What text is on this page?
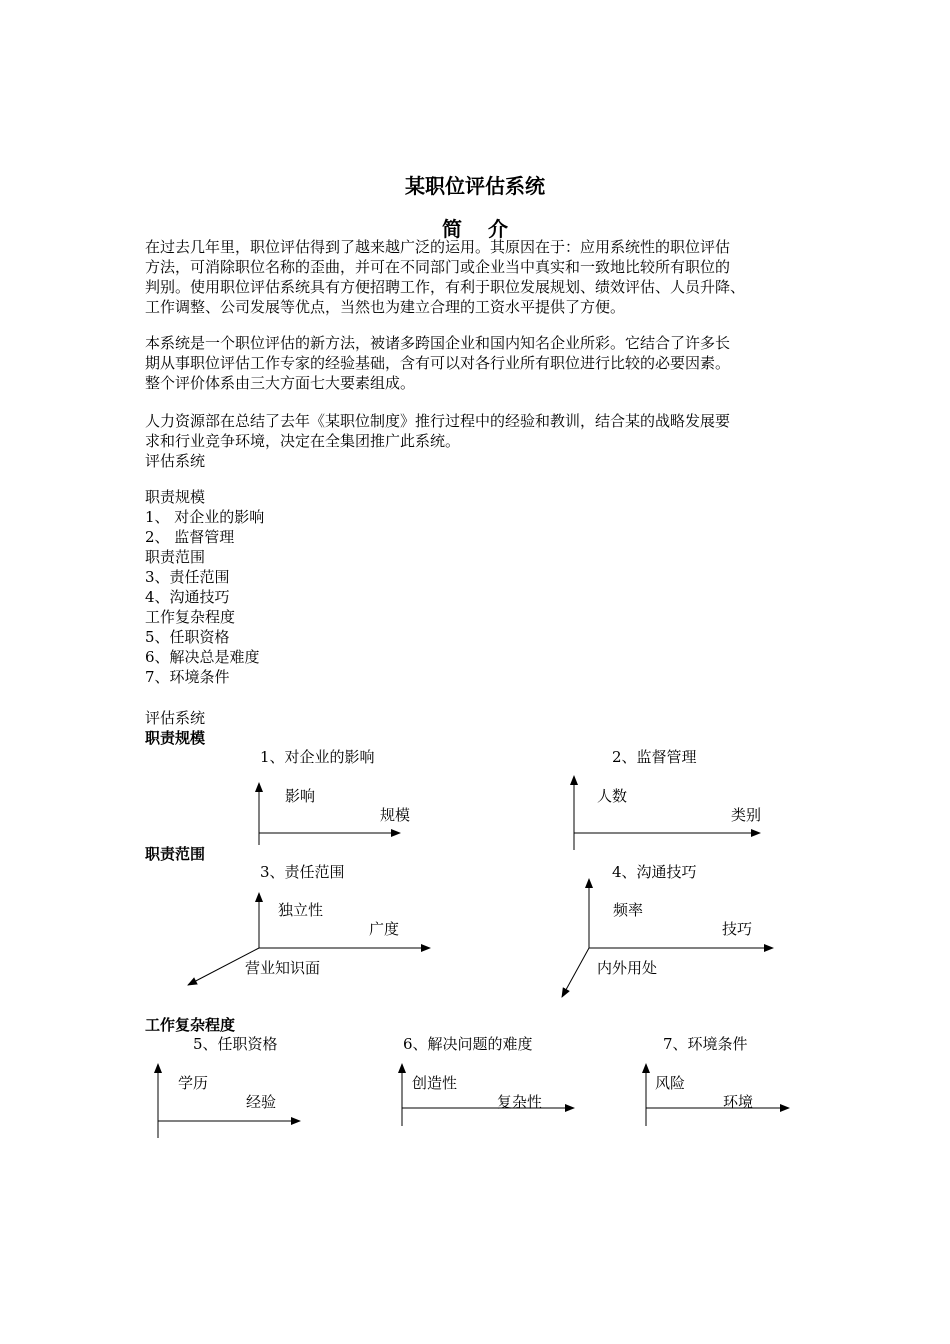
某职位评估系统
简介
在过去几年里，职位评估得到了越来越广泛的运用。其原因在于：应用系统性的职位评估
方法，可消除职位名称的歪曲，并可在不同部门或企业当中真实和一致地比较所有职位的
判别。使用职位评估系统具有方便招聘工作，有利于职位发展规划、绩效评估、人员升降、
工作调整、公司发展等优点，当然也为建立合理的工资水平提供了方便。
本系统是一个职位评估的新方法，被诸多跨国企业和国内知名企业所彩。它结合了许多长
期从事职位评估工作专家的经验基础，含有可以对各行业所有职位进行比较的必要因素。
整个评价体系由三大方面七大要素组成。
人力资源部在总结了去年《某职位制度》推行过程中的经验和教训，结合某的战略发展要
求和行业竞争环境，决定在全集团推广此系统。
评估系统
职责规模
1、 对企业的影响
2、 监督管理
职责范围
3、责任范围
4、沟通技巧
工作复杂程度
5、任职资格
6、解决总是难度
7、环境条件
评估系统
职责规模
职责范围
工作复杂程度
1、对企业的影响
影响
规模
2、监督管理
人数
类别
3、责任范围
独立性
广度
营业知识面
4、沟通技巧
频率
技巧
内外用处
5、任职资格
学历
经验
6、解决问题的难度
创造性
复杂性
7、环境条件
风险
环境
